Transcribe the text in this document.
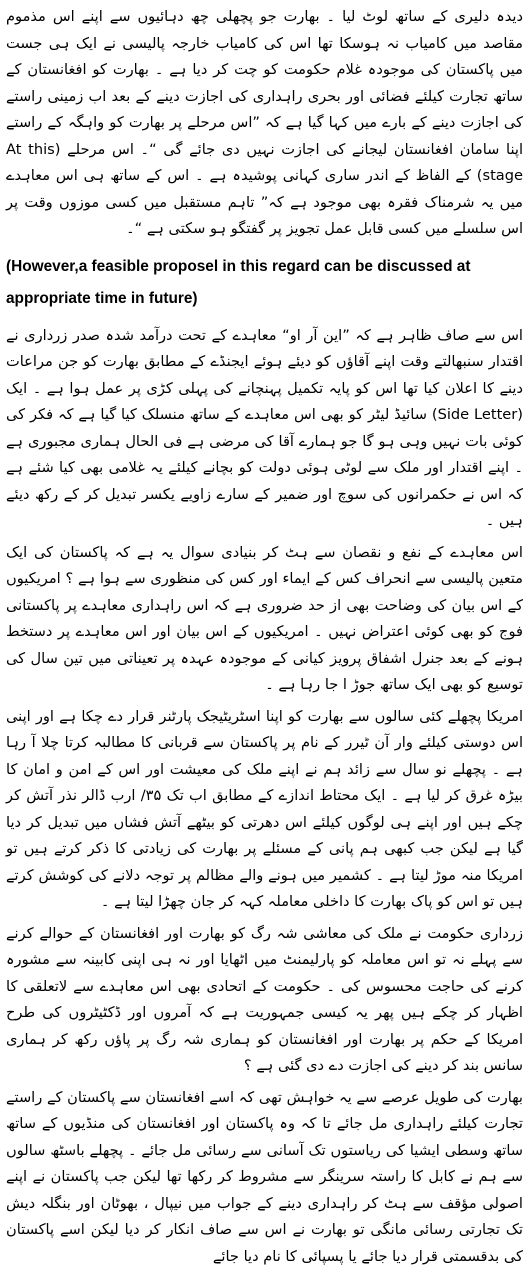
دیدہ دلیری کے ساتھ لوٹ لیا ۔ بھارت جو پچھلی چھ دہائیوں سے اپنے اس مذموم مقاصد میں کامیاب نہ ہوسکا تھا اس کی کامیاب خارجہ پالیسی نے ایک ہی جست میں پاکستان کی موجودہ غلام حکومت کو چت کر دیا ہے ۔ بھارت کو افغانستان کے ساتھ تجارت کیلئے فضائی اور بحری راہداری کی اجازت دینے کے بعد اب زمینی راستے کی اجازت دینے کے بارے میں کہا گیا ہے کہ ”اس مرحلے پر بھارت کو واہگہ کے راستے اپنا سامان افغانستان لیجانے کی اجازت نہیں دی جائے گی “۔ اس مرحلے (At this stage) کے الفاظ کے اندر ساری کہانی پوشیدہ ہے ۔ اس کے ساتھ ہی اس معاہدے میں یہ شرمناک فقرہ بھی موجود ہے کہ” تاہم مستقبل میں کسی موزوں وقت پر اس سلسلے میں کسی قابل عمل تجویز پر گفتگو ہو سکتی ہے “۔

(However,a feasible proposel in this regard can be discussed at appropriate time in future)

اس سے صاف ظاہر ہے کہ ”این آر او“ معاہدے کے تحت درآمد شدہ صدر زرداری نے اقتدار سنبھالتے وقت اپنے آقاؤں کو دیئے ہوئے ایجنڈے کے مطابق بھارت کو جن مراعات دینے کا اعلان کیا تھا اس کو پایہ تکمیل پہنچانے کی پہلی کڑی پر عمل ہوا ہے ۔ ایک (Side Letter) سائیڈ لیٹر کو بھی اس معاہدے کے ساتھ منسلک کیا گیا ہے کہ فکر کی کوئی بات نہیں وہی ہو گا جو ہمارے آقا کی مرضی ہے فی الحال ہماری مجبوری ہے ۔ اپنے اقتدار اور ملک سے لوٹی ہوئی دولت کو بچانے کیلئے یہ غلامی بھی کیا شئے ہے کہ اس نے حکمرانوں کی سوچ اور ضمیر کے سارے زاویے یکسر تبدیل کر کے رکھ دیئے ہیں ۔

اس معاہدے کے نفع و نقصان سے ہٹ کر بنیادی سوال یہ ہے کہ پاکستان کی ایک متعین پالیسی سے انحراف کس کے ایماء اور کس کی منظوری سے ہوا ہے ؟ امریکیوں کے اس بیان کی وضاحت بھی از حد ضروری ہے کہ اس راہداری معاہدے پر پاکستانی فوج کو بھی کوئی اعتراض نہیں ۔ امریکیوں کے اس بیان اور اس معاہدے پر دستخط ہونے کے بعد جنرل اشفاق پرویز کیانی کے موجودہ عہدہ پر تعیناتی میں تین سال کی توسیع کو بھی ایک ساتھ جوڑ ا جا رہا ہے ۔

امریکا پچھلے کئی سالوں سے بھارت کو اپنا اسٹریٹیجک پارٹنر قرار دے چکا ہے اور اپنی اس دوستی کیلئے وار آن ٹیرر کے نام پر پاکستان سے قربانی کا مطالبہ کرتا چلا آ رہا ہے ۔ پچھلے نو سال سے زائد ہم نے اپنے ملک کی معیشت اور اس کے امن و امان کا بیڑہ غرق کر لیا ہے ۔ ایک محتاط اندازے کے مطابق اب تک ۳۵/ ارب ڈالر نذر آتش کر چکے ہیں اور اپنے ہی لوگوں کیلئے اس دھرتی کو بیٹھے آتش فشاں میں تبدیل کر دیا گیا ہے لیکن جب کبھی ہم پانی کے مسئلے پر بھارت کی زیادتی کا ذکر کرتے ہیں تو امریکا منہ موڑ لیتا ہے ۔ کشمیر میں ہونے والے مظالم پر توجہ دلانے کی کوشش کرتے ہیں تو اس کو پاک بھارت کا داخلی معاملہ کہہ کر جان چھڑا لیتا ہے ۔

زرداری حکومت نے ملک کی معاشی شہ رگ کو بھارت اور افغانستان کے حوالے کرنے سے پہلے نہ تو اس معاملہ کو پارلیمنٹ میں اٹھایا اور نہ ہی اپنی کابینہ سے مشورہ کرنے کی حاجت محسوس کی ۔ حکومت کے اتحادی بھی اس معاہدے سے لاتعلقی کا اظہار کر چکے ہیں پھر یہ کیسی جمہوریت ہے کہ آمروں اور ڈکٹیٹروں کی طرح امریکا کے حکم پر بھارت اور افغانستان کو ہماری شہ رگ پر پاؤں رکھ کر ہماری سانس بند کر دینے کی اجازت دے دی گئی ہے ؟

بھارت کی طویل عرصے سے یہ خواہش تھی کہ اسے افغانستان سے پاکستان کے راستے تجارت کیلئے راہداری مل جائے تا کہ وہ پاکستان اور افغانستان کی منڈیوں کے ساتھ ساتھ وسطی ایشیا کی ریاستوں تک آسانی سے رسائی مل جائے ۔ پچھلے باسٹھ سالوں سے ہم نے کابل کا راستہ سرینگر سے مشروط کر رکھا تھا لیکن جب پاکستان نے اپنے اصولی مؤقف سے ہٹ کر راہداری دینے کے جواب میں نیپال ، بھوٹان اور بنگلہ دیش تک تجارتی رسائی مانگی تو بھارت نے اس سے صاف انکار کر دیا لیکن اسے پاکستان کی بدقسمتی قرار دیا جائے یا پسپائی کا نام دیا جائے
